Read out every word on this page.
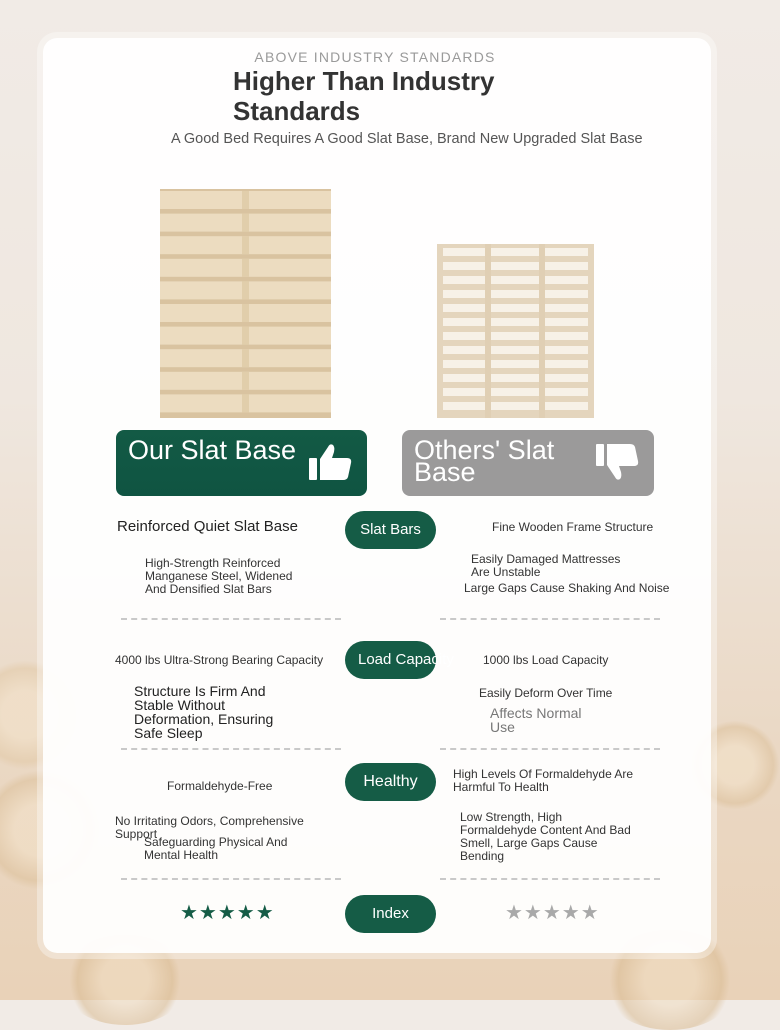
ABOVE INDUSTRY STANDARDS
Higher Than Industry Standards
A Good Bed Requires A Good Slat Base, Brand New Upgraded Slat Base
Our Slat Base	Others' Slat Base
Slat Bars
Reinforced Quiet Slat Base
High-Strength Reinforced Manganese Steel, Widened And Densified Slat Bars
Fine Wooden Frame Structure
Easily Damaged Mattresses Are Unstable
Large Gaps Cause Shaking And Noise
Load Capacity
4000 lbs Ultra-Strong Bearing Capacity
Structure Is Firm And Stable Without Deformation, Ensuring Safe Sleep
1000 lbs Load Capacity
Easily Deform Over Time
Affects Normal Use
Healthy
Formaldehyde-Free
No Irritating Odors, Comprehensive Support
Safeguarding Physical And Mental Health
High Levels Of Formaldehyde Are Harmful To Health
Low Strength, High Formaldehyde Content And Bad Smell, Large Gaps Cause Bending
Index
★★★★★	★★★★★
